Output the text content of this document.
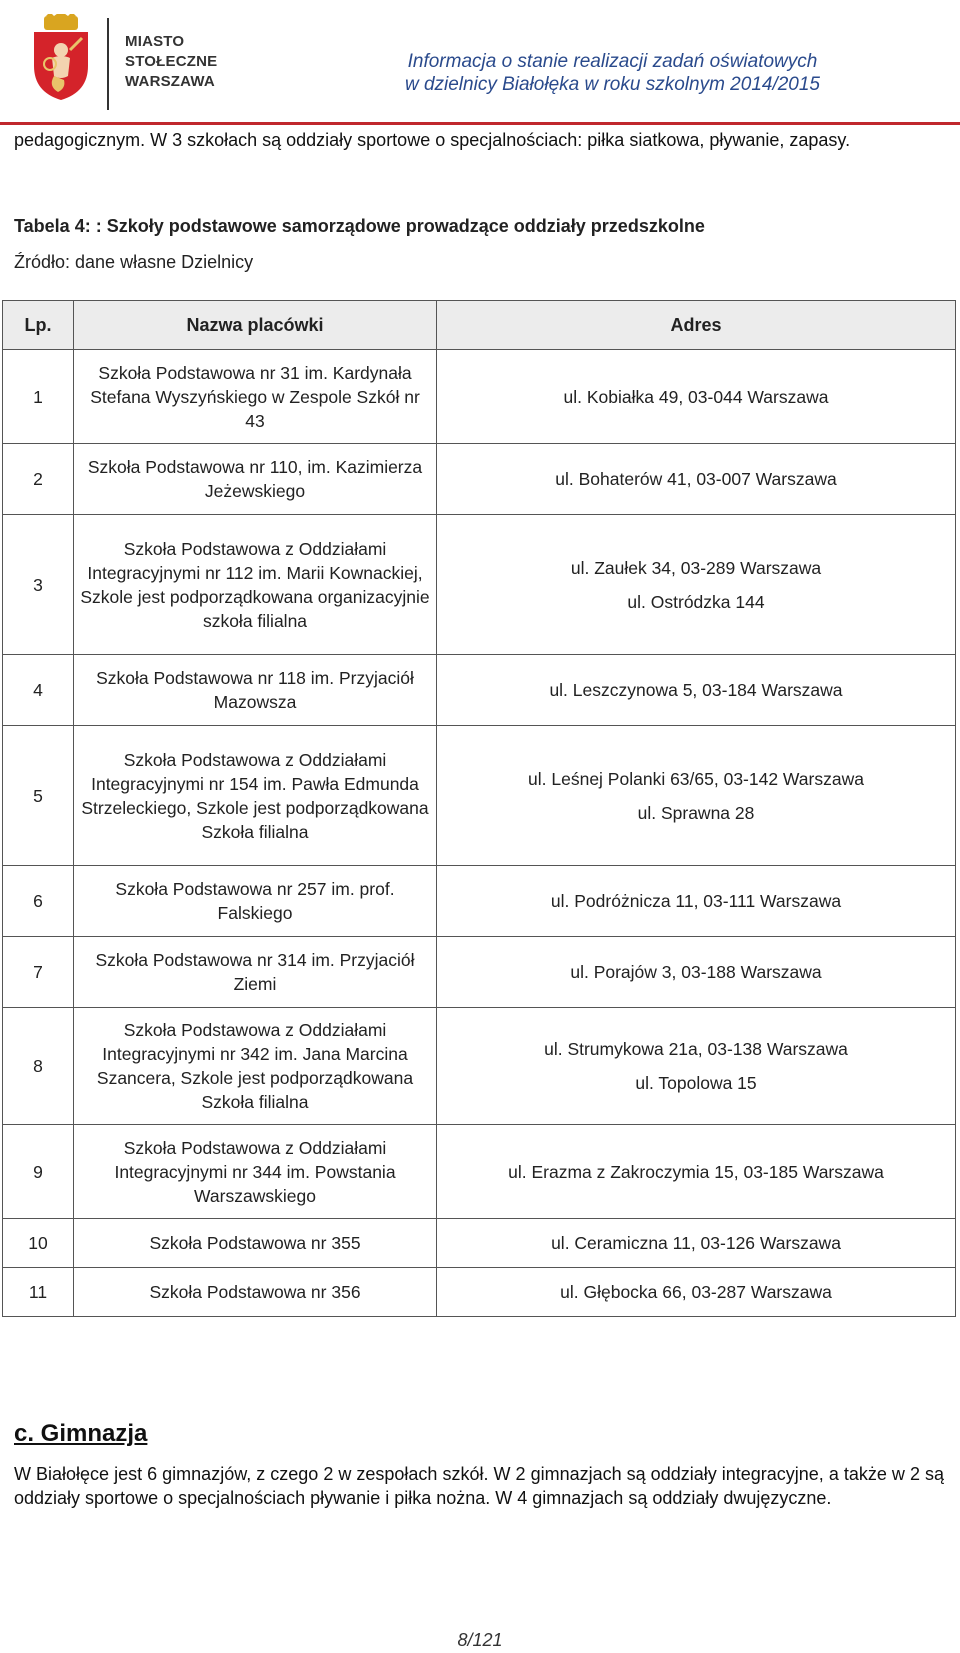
MIASTO
STOŁECZNE
WARSZAWA
Informacja o stanie realizacji zadań oświatowych
w dzielnicy Białołęka w roku szkolnym 2014/2015
pedagogicznym. W 3 szkołach są oddziały sportowe o specjalnościach: piłka siatkowa, pływanie, zapasy.
Tabela 4: : Szkoły podstawowe samorządowe prowadzące oddziały przedszkolne
Źródło: dane własne Dzielnicy
Lp.	Nazwa placówki	Adres
1	Szkoła Podstawowa nr 31 im. Kardynała Stefana Wyszyńskiego w Zespole Szkół nr 43	ul. Kobiałka 49, 03-044 Warszawa

2	Szkoła Podstawowa nr 110, im. Kazimierza Jeżewskiego	ul. Bohaterów 41, 03-007 Warszawa

3	Szkoła Podstawowa z Oddziałami Integracyjnymi nr 112 im. Marii Kownackiej, Szkole jest podporządkowana organizacyjnie szkoła filialna	ul. Zaułek 34, 03-289 Warszawa
ul. Ostródzka 144

4	Szkoła Podstawowa nr 118 im. Przyjaciół Mazowsza	ul. Leszczynowa 5, 03-184 Warszawa

5	Szkoła Podstawowa z Oddziałami Integracyjnymi nr 154 im. Pawła Edmunda Strzeleckiego, Szkole jest podporządkowana Szkoła filialna	ul. Leśnej Polanki 63/65, 03-142 Warszawa
ul. Sprawna 28

6	Szkoła Podstawowa nr 257 im. prof. Falskiego	ul. Podróżnicza 11, 03-111 Warszawa

7	Szkoła Podstawowa nr 314 im. Przyjaciół Ziemi	ul. Porajów 3, 03-188 Warszawa

8	Szkoła Podstawowa z Oddziałami Integracyjnymi nr 342 im. Jana Marcina Szancera, Szkole jest podporządkowana Szkoła filialna	ul. Strumykowa 21a, 03-138 Warszawa
ul. Topolowa 15

9	Szkoła Podstawowa z Oddziałami Integracyjnymi nr 344 im. Powstania Warszawskiego	ul. Erazma z Zakroczymia 15, 03-185 Warszawa

10	Szkoła Podstawowa nr 355	ul. Ceramiczna 11, 03-126 Warszawa

11	Szkoła Podstawowa nr 356	ul. Głębocka 66, 03-287 Warszawa
c. Gimnazja
W Białołęce jest 6 gimnazjów, z czego 2 w zespołach szkół. W 2 gimnazjach są oddziały integracyjne, a także w 2 są oddziały sportowe o specjalnościach pływanie i piłka nożna. W 4 gimnazjach są oddziały dwujęzyczne.
8/121
